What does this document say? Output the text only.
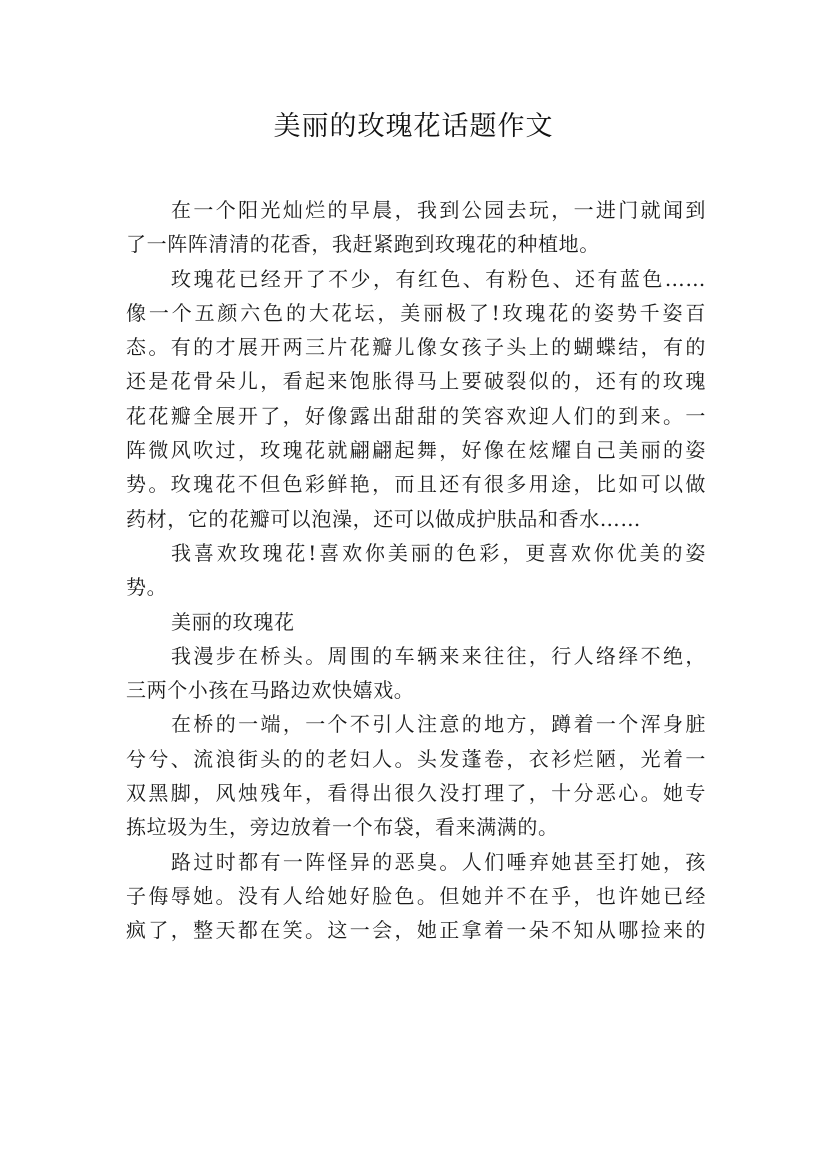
美丽的玫瑰花话题作文
在一个阳光灿烂的早晨，我到公园去玩，一进门就闻到
了一阵阵清清的花香，我赶紧跑到玫瑰花的种植地。
玫瑰花已经开了不少，有红色、有粉色、还有蓝色……
像一个五颜六色的大花坛，美丽极了!玫瑰花的姿势千姿百
态。有的才展开两三片花瓣儿像女孩子头上的蝴蝶结，有的
还是花骨朵儿，看起来饱胀得马上要破裂似的，还有的玫瑰
花花瓣全展开了，好像露出甜甜的笑容欢迎人们的到来。一
阵微风吹过，玫瑰花就翩翩起舞，好像在炫耀自己美丽的姿
势。玫瑰花不但色彩鲜艳，而且还有很多用途，比如可以做
药材，它的花瓣可以泡澡，还可以做成护肤品和香水……
我喜欢玫瑰花!喜欢你美丽的色彩，更喜欢你优美的姿
势。
美丽的玫瑰花
我漫步在桥头。周围的车辆来来往往，行人络绎不绝，
三两个小孩在马路边欢快嬉戏。
在桥的一端，一个不引人注意的地方，蹲着一个浑身脏
兮兮、流浪街头的的老妇人。头发蓬卷，衣衫烂陋，光着一
双黑脚，风烛残年，看得出很久没打理了，十分恶心。她专
拣垃圾为生，旁边放着一个布袋，看来满满的。
路过时都有一阵怪异的恶臭。人们唾弃她甚至打她，孩
子侮辱她。没有人给她好脸色。但她并不在乎，也许她已经
疯了，整天都在笑。这一会，她正拿着一朵不知从哪捡来的
